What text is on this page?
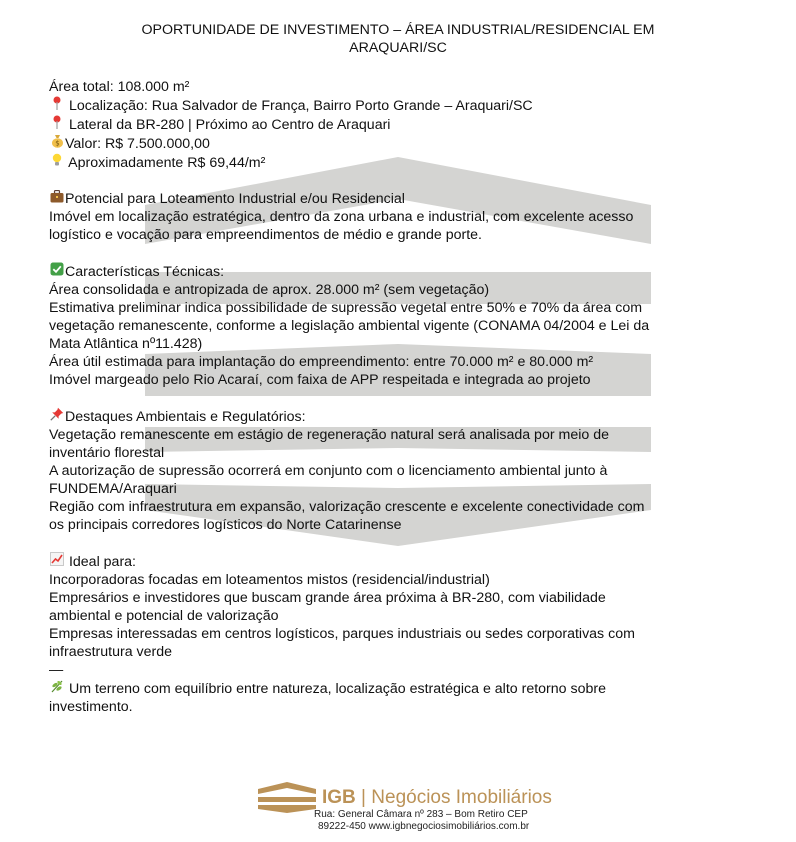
OPORTUNIDADE DE INVESTIMENTO – ÁREA INDUSTRIAL/RESIDENCIAL EM
ARAQUARI/SC

Área total: 108.000 m²

Localização: Rua Salvador de França, Bairro Porto Grande – Araquari/SC

Lateral da BR-280 | Próximo ao Centro de Araquari

$ Valor: R$ 7.500.000,00

Aproximadamente R$ 69,44/m²

Potencial para Loteamento Industrial e/ou Residencial

Imóvel em localização estratégica, dentro da zona urbana e industrial, com excelente acesso

logístico e vocação para empreendimentos de médio e grande porte.

Características Técnicas:

Área consolidada e antropizada de aprox. 28.000 m² (sem vegetação)

Estimativa preliminar indica possibilidade de supressão vegetal entre 50% e 70% da área com

vegetação remanescente, conforme a legislação ambiental vigente (CONAMA 04/2004 e Lei da

Mata Atlântica nº11.428)

Área útil estimada para implantação do empreendimento: entre 70.000 m² e 80.000 m²

Imóvel margeado pelo Rio Acaraí, com faixa de APP respeitada e integrada ao projeto

Destaques Ambientais e Regulatórios:

Vegetação remanescente em estágio de regeneração natural será analisada por meio de

inventário florestal

A autorização de supressão ocorrerá em conjunto com o licenciamento ambiental junto à

FUNDEMA/Araquari

Região com infraestrutura em expansão, valorização crescente e excelente conectividade com

os principais corredores logísticos do Norte Catarinense

Ideal para:

Incorporadoras focadas em loteamentos mistos (residencial/industrial)

Empresários e investidores que buscam grande área próxima à BR-280, com viabilidade

ambiental e potencial de valorização

Empresas interessadas em centros logísticos, parques industriais ou sedes corporativas com

infraestrutura verde

—

Um terreno com equilíbrio entre natureza, localização estratégica e alto retorno sobre

investimento.

IGB | Negócios Imobiliários
Rua: General Câmara nº 283 – Bom Retiro CEP
89222-450 www.igbnegociosimobiliários.com.br
